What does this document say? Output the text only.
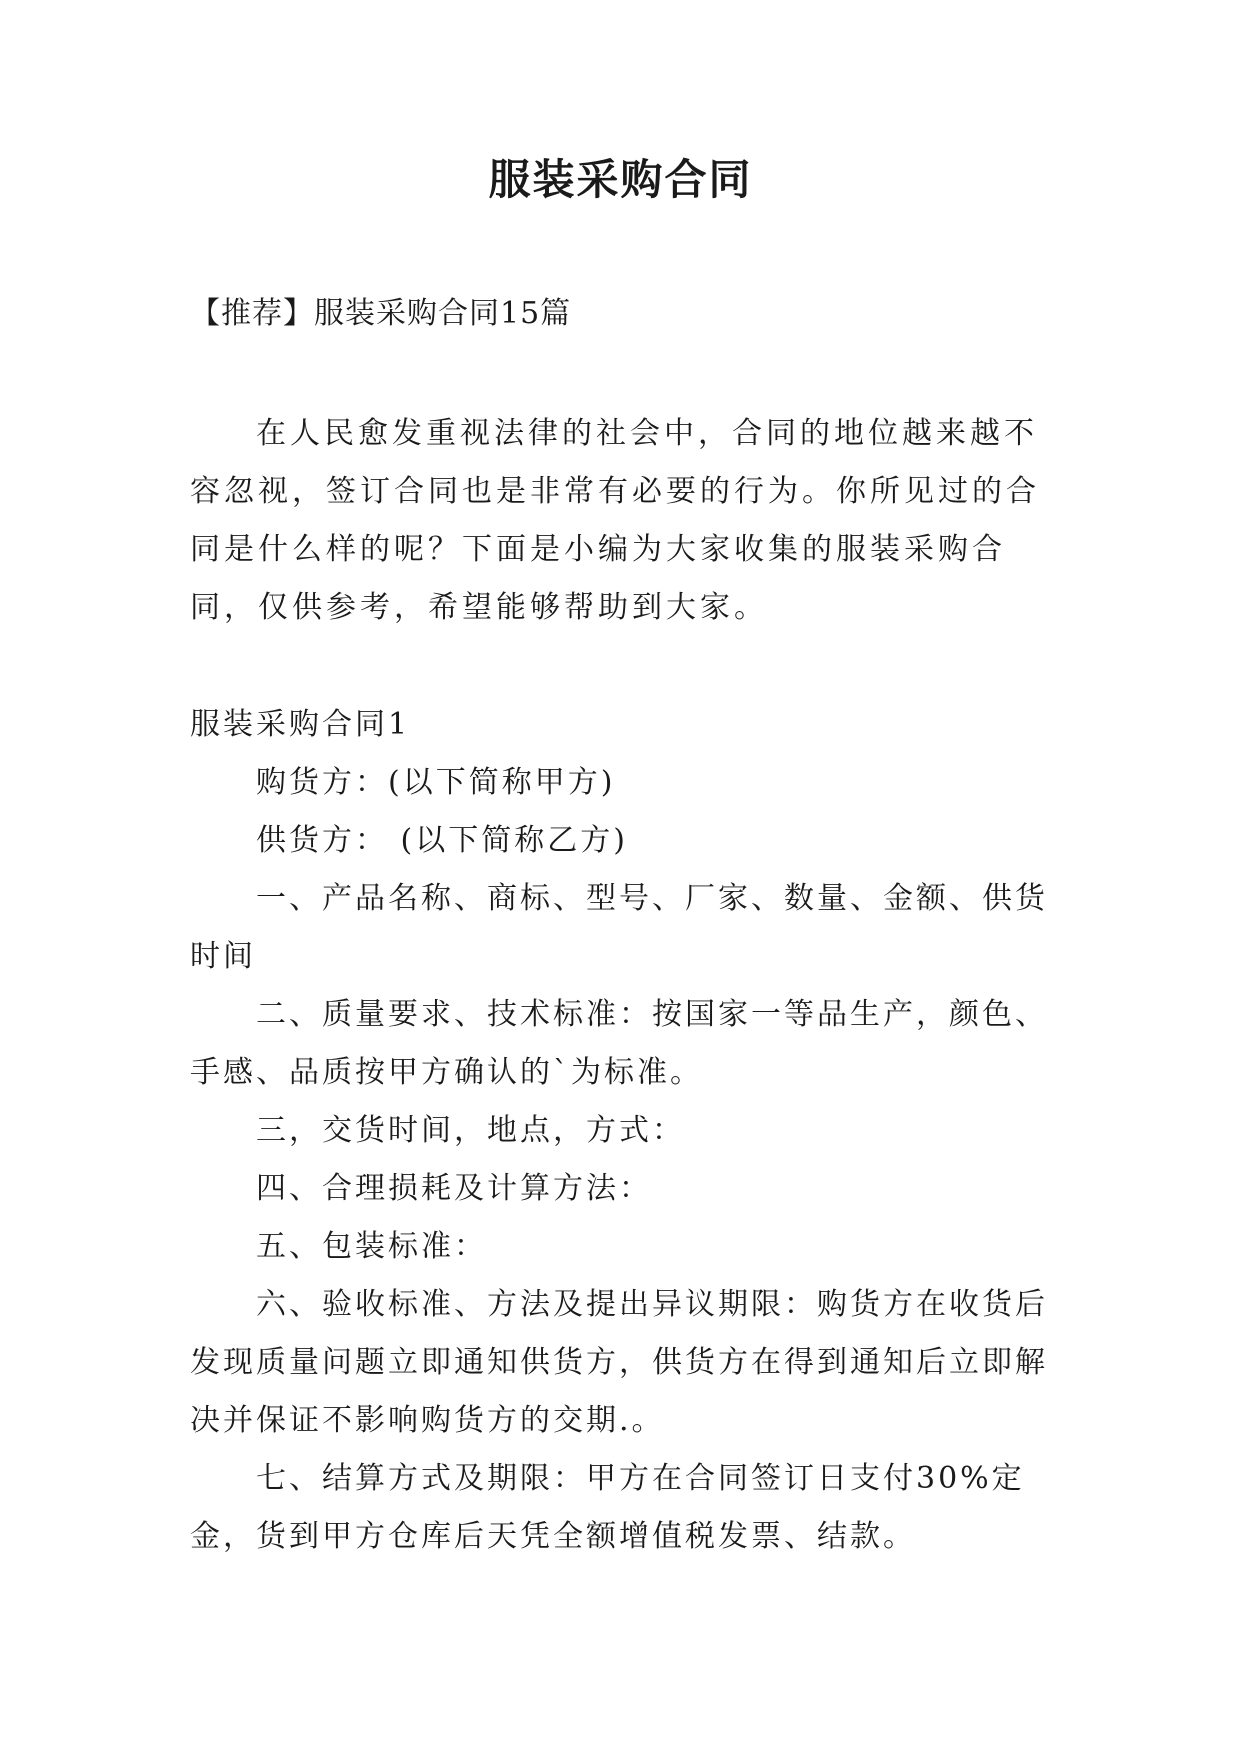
服装采购合同
【推荐】服装采购合同15篇

在人民愈发重视法律的社会中，合同的地位越来越不容忽视，签订合同也是非常有必要的行为。你所见过的合同是什么样的呢？下面是小编为大家收集的服装采购合同，仅供参考，希望能够帮助到大家。

服装采购合同1

购货方：(以下简称甲方)

供货方： (以下简称乙方)

一、产品名称、商标、型号、厂家、数量、金额、供货时间

二、质量要求、技术标准：按国家一等品生产，颜色、手感、品质按甲方确认的`为标准。

三，交货时间，地点，方式：

四、合理损耗及计算方法：

五、包装标准：

六、验收标准、方法及提出异议期限：购货方在收货后发现质量问题立即通知供货方，供货方在得到通知后立即解决并保证不影响购货方的交期.。

七、结算方式及期限：甲方在合同签订日支付30%定金，货到甲方仓库后天凭全额增值税发票、结款。
